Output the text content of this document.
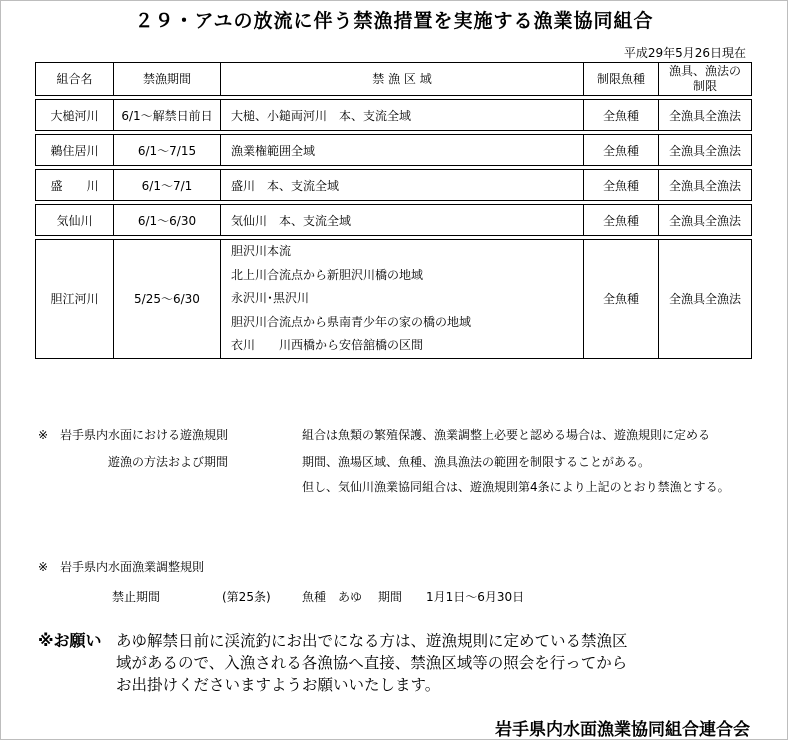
２９・アユの放流に伴う禁漁措置を実施する漁業協同組合
平成29年5月26日現在
組合名	禁漁期間	禁 漁 区 域	制限魚種	漁具、漁法の
制限

大槌河川	6/1～解禁日前日	大槌、小鎚両河川　本、支流全域	全魚種	全漁具全漁法

鵜住居川	6/1～7/15	漁業権範囲全域	全魚種	全漁具全漁法

盛　　川	6/1～7/1	盛川　本、支流全域	全魚種	全漁具全漁法

気仙川	6/1～6/30	気仙川　本、支流全域	全魚種	全漁具全漁法

胆江河川	5/25～6/30	胆沢川本流
北上川合流点から新胆沢川橋の地域
永沢川･黒沢川
胆沢川合流点から県南青少年の家の橋の地域
衣川　　川西橋から安倍舘橋の区間	全魚種	全漁具全漁法
※　岩手県内水面における遊漁規則
遊漁の方法および期間
組合は魚類の繁殖保護、漁業調整上必要と認める場合は、遊漁規則に定める
期間、漁場区域、魚種、漁具漁法の範囲を制限することがある。
但し、気仙川漁業協同組合は、遊漁規則第4条により上記のとおり禁漁とする。
※　岩手県内水面漁業調整規則
禁止期間	(第25条)	魚種　あゆ 期間　　1月1日～6月30日
※お願い あゆ解禁日前に渓流釣にお出でになる方は、遊漁規則に定めている禁漁区
域があるので、入漁される各漁協へ直接、禁漁区域等の照会を行ってから
お出掛けくださいますようお願いいたします。
岩手県内水面漁業協同組合連合会
